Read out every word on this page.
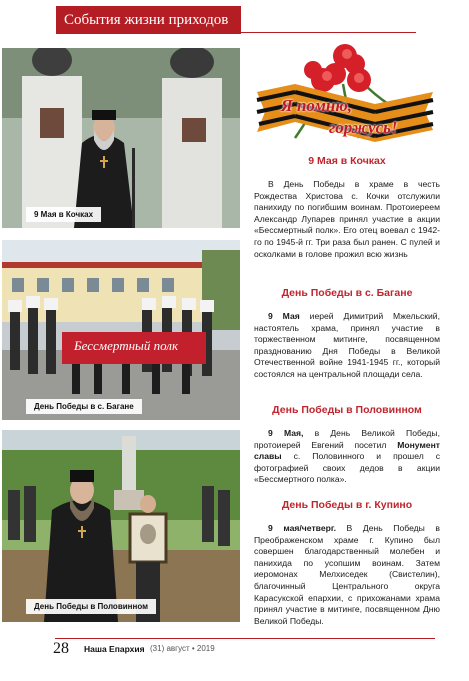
События жизни приходов
9 Мая в Кочках
Бессмертный полк
День Победы в с. Багане
День Победы в Половинном
Я помню,
горжусь!
9 Мая в Кочках

В День Победы в храме в честь Рождества Христова с. Кочки отслужили панихиду по погибшим воинам. Протоиереем Александр Лупарев принял участие в акции «Бессмертный полк». Его отец воевал с 1942-го по 1945-й гг. Три раза был ранен. С пулей и осколками в голове прожил всю жизнь

День Победы в с. Багане

9 Мая иерей Димитрий Мжельский, настоятель храма, принял участие в торжественном митинге, посвященном празднованию Дня Победы в Великой Отечественной войне 1941-1945 гг., который состоялся на центральной площади села.

День Победы в Половинном

9 Мая, в День Великой Победы, протоиерей Евгений посетил Монумент славы с. Половинного и прошел с фотографией своих дедов в акции «Бессмертного полка».

День Победы в г. Купино

9 мая/четверг. В День Победы в Преображенском храме г. Купино был совершен благодарственный молебен и панихида по усопшим воинам. Затем иеромонах Мелхиседек (Свистелин), благочинный Центрального округа Карасукской епархии, с прихожанами храма принял участие в митинге, посвященном Дню Великой Победы.

28 Наша Епархия (31) август • 2019
